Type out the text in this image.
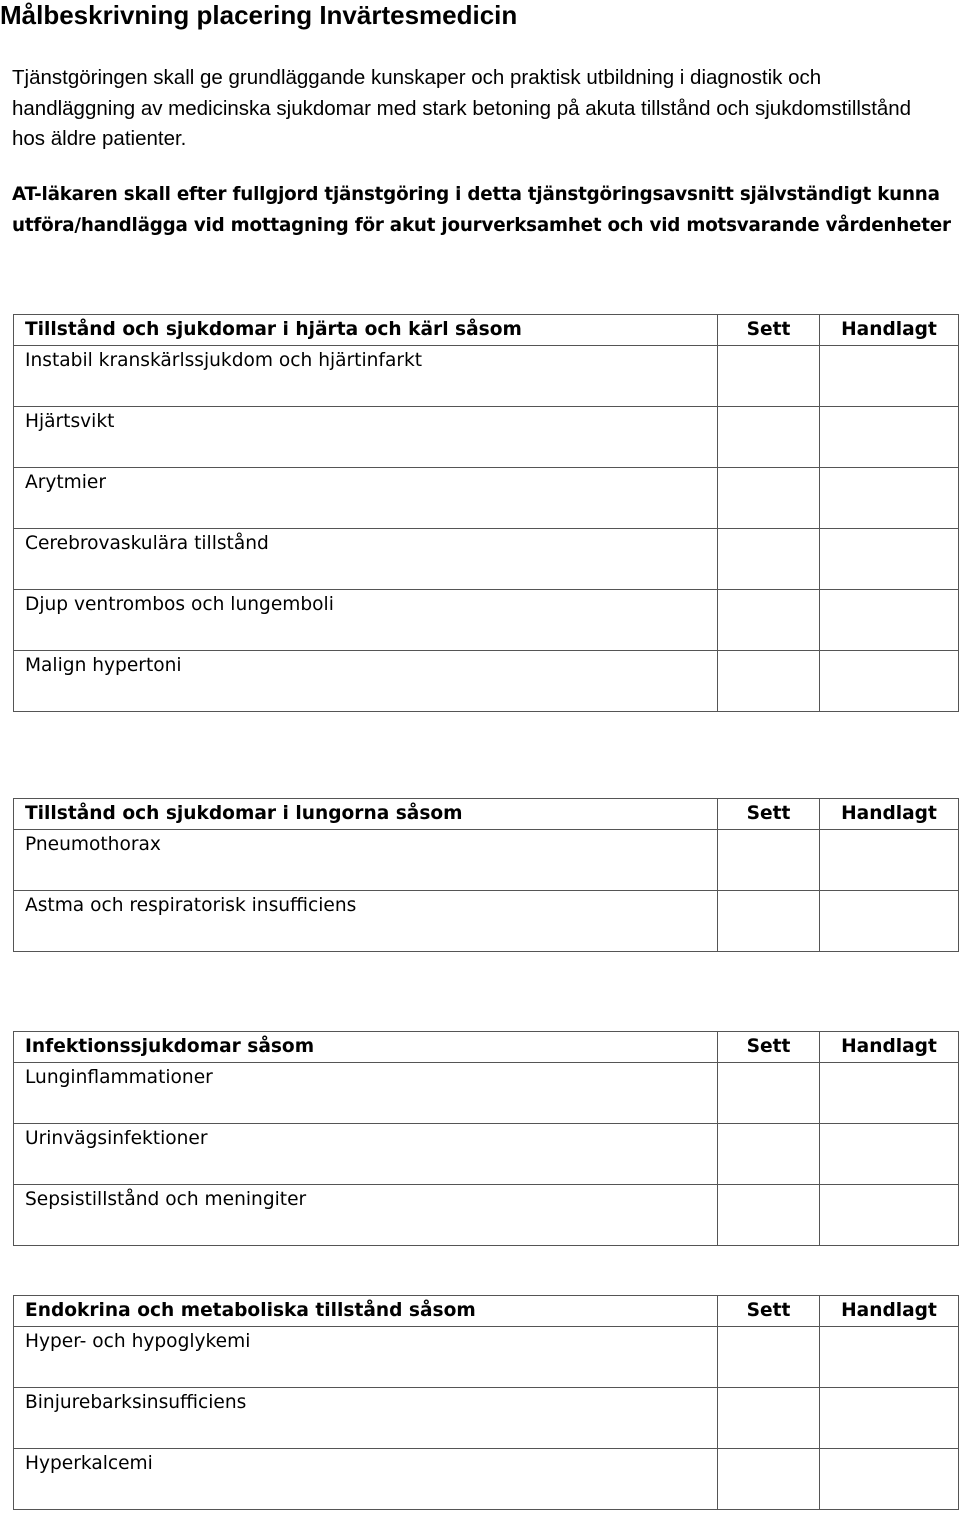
Målbeskrivning placering Invärtesmedicin

Tjänstgöringen skall ge grundläggande kunskaper och praktisk utbildning i diagnostik och handläggning av medicinska sjukdomar med stark betoning på akuta tillstånd och sjukdomstillstånd hos äldre patienter.

AT-läkaren skall efter fullgjord tjänstgöring i detta tjänstgöringsavsnitt självständigt kunna utföra/handlägga vid mottagning för akut jourverksamhet och vid motsvarande vårdenheter

Tillstånd och sjukdomar i hjärta och kärl såsom	Sett	Handlagt

Instabil kranskärlssjukdom och hjärtinfarkt		

Hjärtsvikt		

Arytmier		

Cerebrovaskulära tillstånd		

Djup ventrombos och lungemboli		

Malign hypertoni		

Tillstånd och sjukdomar i lungorna såsom	Sett	Handlagt

Pneumothorax		

Astma och respiratorisk insufficiens		

Infektionssjukdomar såsom	Sett	Handlagt

Lunginflammationer		

Urinvägsinfektioner		

Sepsistillstånd och meningiter		

Endokrina och metaboliska tillstånd såsom	Sett	Handlagt

Hyper- och hypoglykemi		

Binjurebarksinsufficiens		

Hyperkalcemi		
